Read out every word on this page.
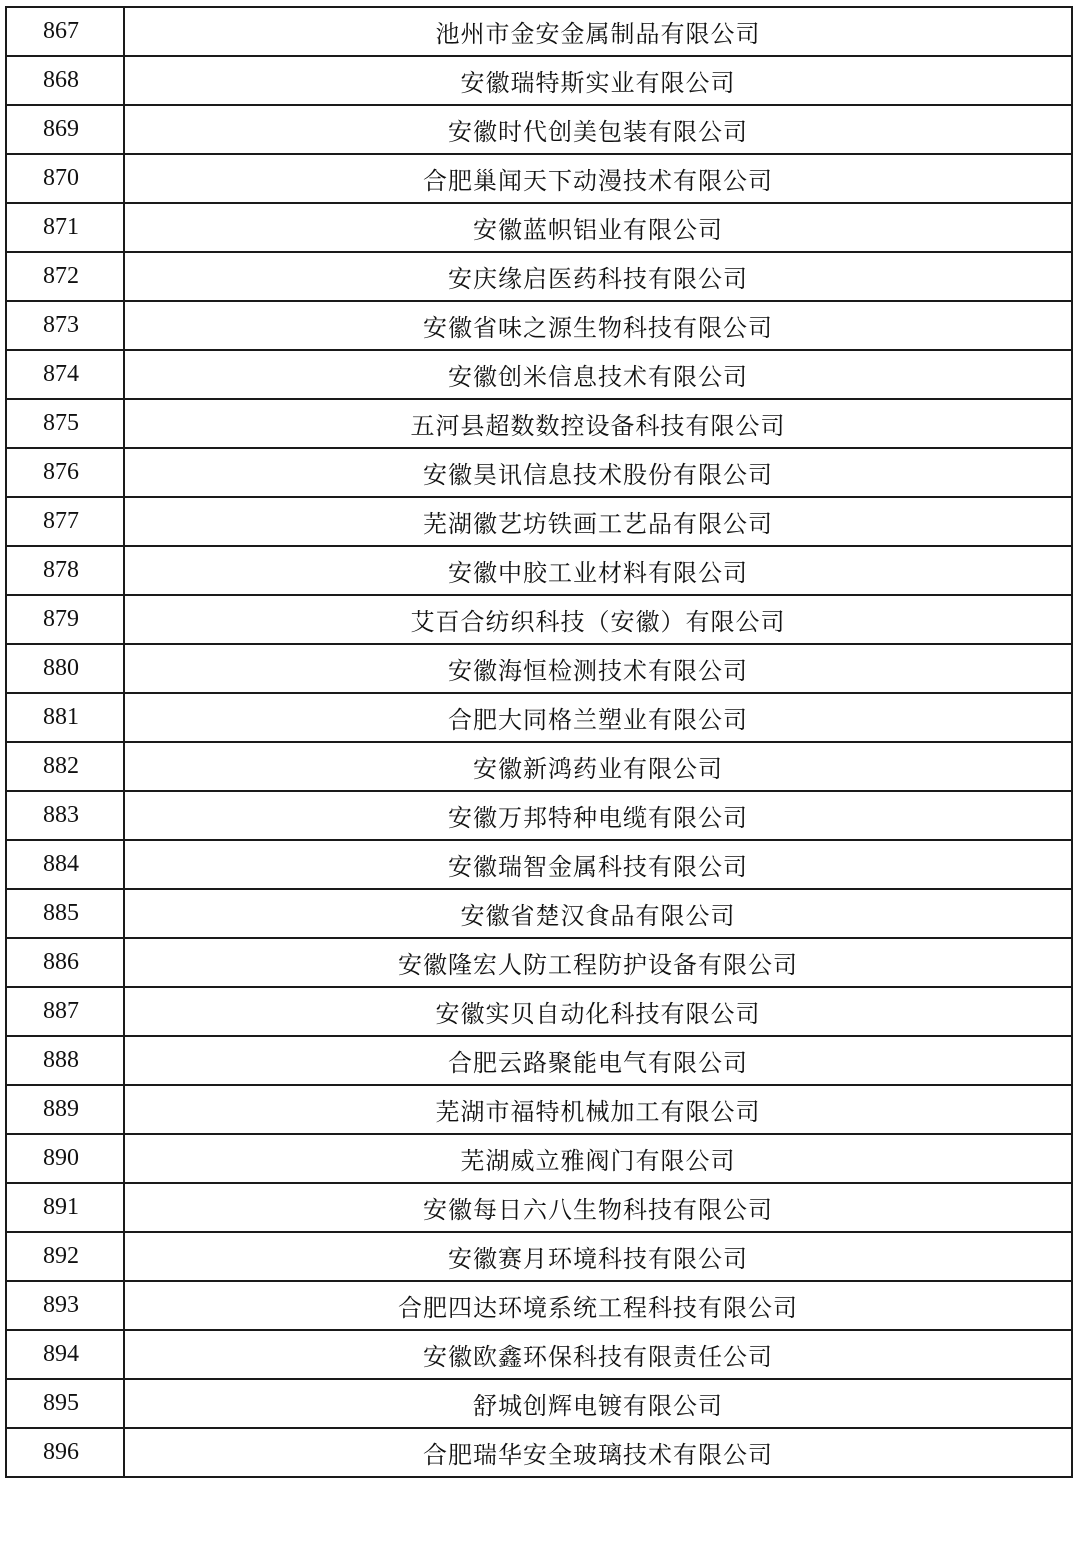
867	池州市金安金属制品有限公司
868	安徽瑞特斯实业有限公司
869	安徽时代创美包装有限公司
870	合肥巢闻天下动漫技术有限公司
871	安徽蓝帜铝业有限公司
872	安庆缘启医药科技有限公司
873	安徽省味之源生物科技有限公司
874	安徽创米信息技术有限公司
875	五河县超数数控设备科技有限公司
876	安徽昊讯信息技术股份有限公司
877	芜湖徽艺坊铁画工艺品有限公司
878	安徽中胶工业材料有限公司
879	艾百合纺织科技（安徽）有限公司
880	安徽海恒检测技术有限公司
881	合肥大同格兰塑业有限公司
882	安徽新鸿药业有限公司
883	安徽万邦特种电缆有限公司
884	安徽瑞智金属科技有限公司
885	安徽省楚汉食品有限公司
886	安徽隆宏人防工程防护设备有限公司
887	安徽实贝自动化科技有限公司
888	合肥云路聚能电气有限公司
889	芜湖市福特机械加工有限公司
890	芜湖威立雅阀门有限公司
891	安徽每日六八生物科技有限公司
892	安徽赛月环境科技有限公司
893	合肥四达环境系统工程科技有限公司
894	安徽欧鑫环保科技有限责任公司
895	舒城创辉电镀有限公司
896	合肥瑞华安全玻璃技术有限公司
